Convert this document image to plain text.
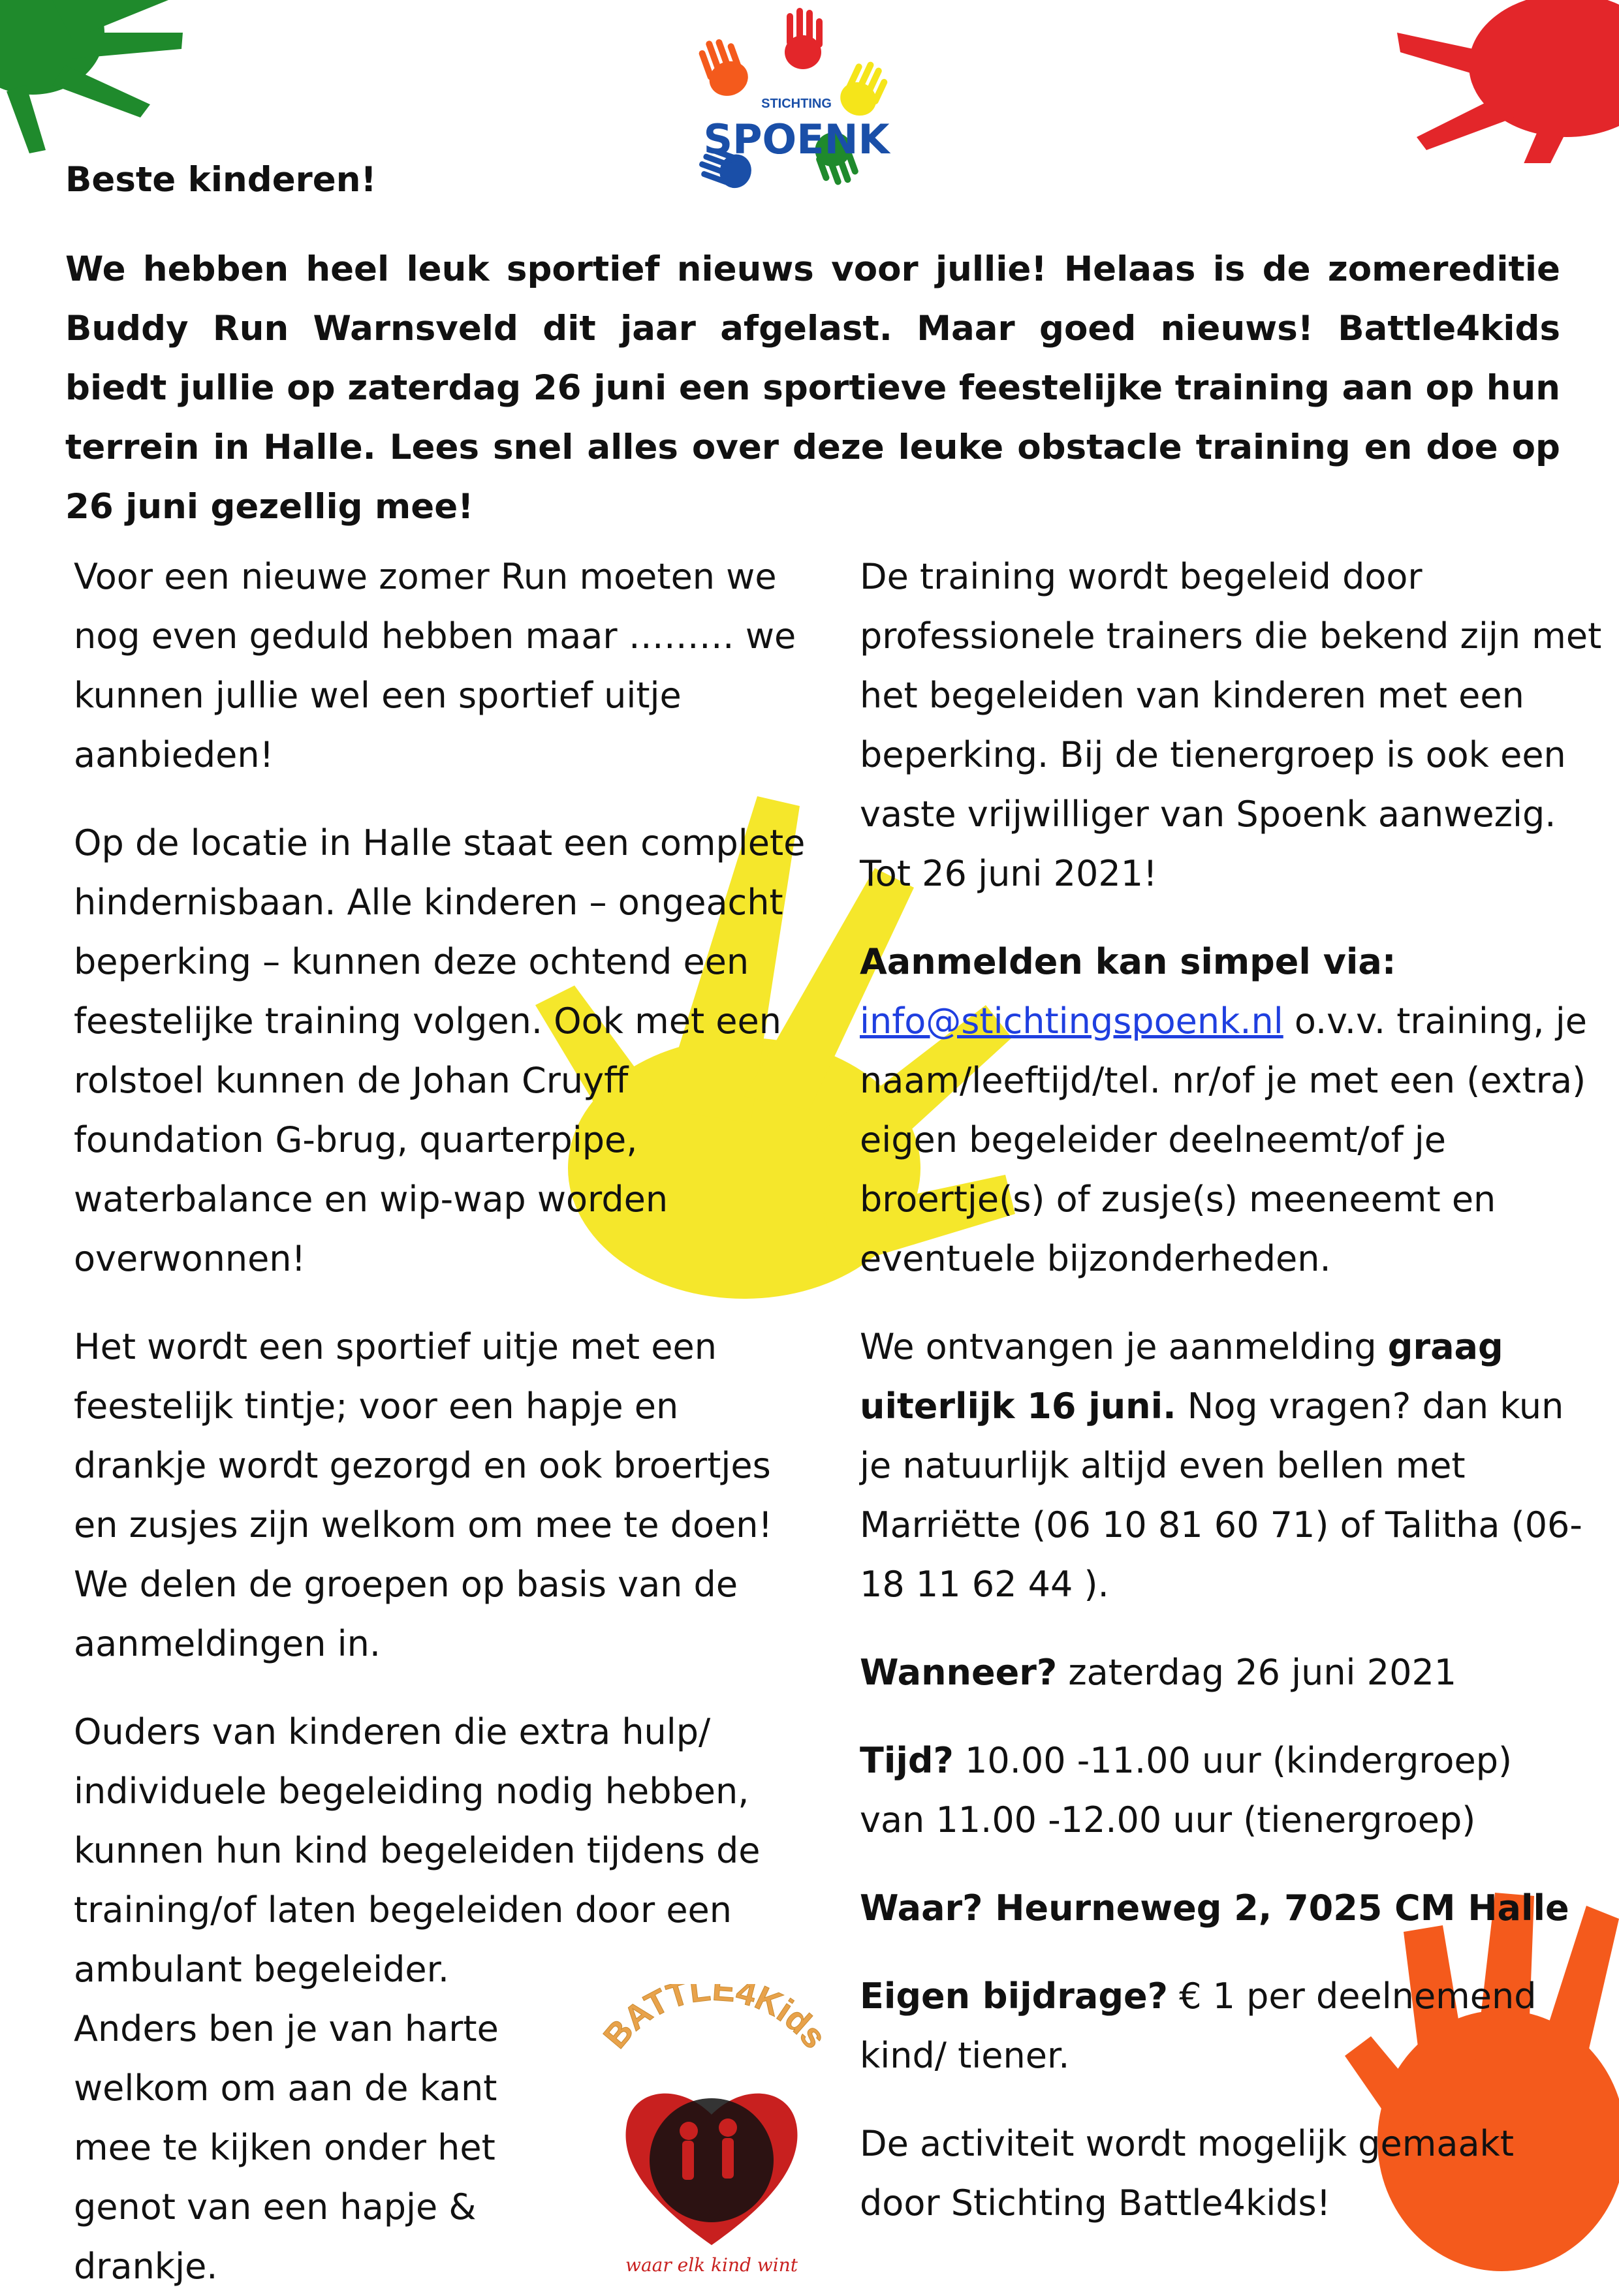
STICHTING
SPOENK

Beste kinderen!

We hebben heel leuk sportief nieuws voor jullie! Helaas is de zomereditie Buddy Run Warnsveld dit jaar afgelast. Maar goed nieuws! Battle4kids biedt jullie op zaterdag 26 juni een sportieve feestelijke training aan op hun terrein in Halle. Lees snel alles over deze leuke obstacle training en doe op 26 juni gezellig mee!

Voor een nieuwe zomer Run moeten we nog even geduld hebben maar ……… we kunnen jullie wel een sportief uitje aanbieden!

Op de locatie in Halle staat een complete hindernisbaan. Alle kinderen – ongeacht beperking – kunnen deze ochtend een feestelijke training volgen. Ook met een rolstoel kunnen de Johan Cruyff foundation G-brug, quarterpipe, waterbalance en wip-wap worden overwonnen!

Het wordt een sportief uitje met een feestelijk tintje; voor een hapje en drankje wordt gezorgd en ook broertjes en zusjes zijn welkom om mee te doen! We delen de groepen op basis van de aanmeldingen in.

Ouders van kinderen die extra hulp/ individuele begeleiding nodig hebben, kunnen hun kind begeleiden tijdens de training/of laten begeleiden door een ambulant begeleider.

Anders ben je van harte
welkom om aan de kant
mee te kijken onder het
genot van een hapje &
drankje.

De training wordt begeleid door professionele trainers die bekend zijn met het begeleiden van kinderen met een beperking. Bij de tienergroep is ook een vaste vrijwilliger van Spoenk aanwezig. Tot 26 juni 2021!

Aanmelden kan simpel via:
info@stichtingspoenk.nl o.v.v. training, je naam/leeftijd/tel. nr/of je met een (extra) eigen begeleider deelneemt/of je broertje(s) of zusje(s) meeneemt en eventuele bijzonderheden.

We ontvangen je aanmelding graag uiterlijk 16 juni. Nog vragen? dan kun je natuurlijk altijd even bellen met Marriëtte (06 10 81 60 71) of Talitha (06-18 11 62 44 ).

Wanneer? zaterdag 26 juni 2021

Tijd? 10.00 -11.00 uur (kindergroep)
van 11.00 -12.00 uur (tienergroep)

Waar? Heurneweg 2, 7025 CM Halle

Eigen bijdrage? € 1 per deelnemend kind/ tiener.

De activiteit wordt mogelijk gemaakt door Stichting Battle4kids!

BATTLE4Kids
waar elk kind wint
